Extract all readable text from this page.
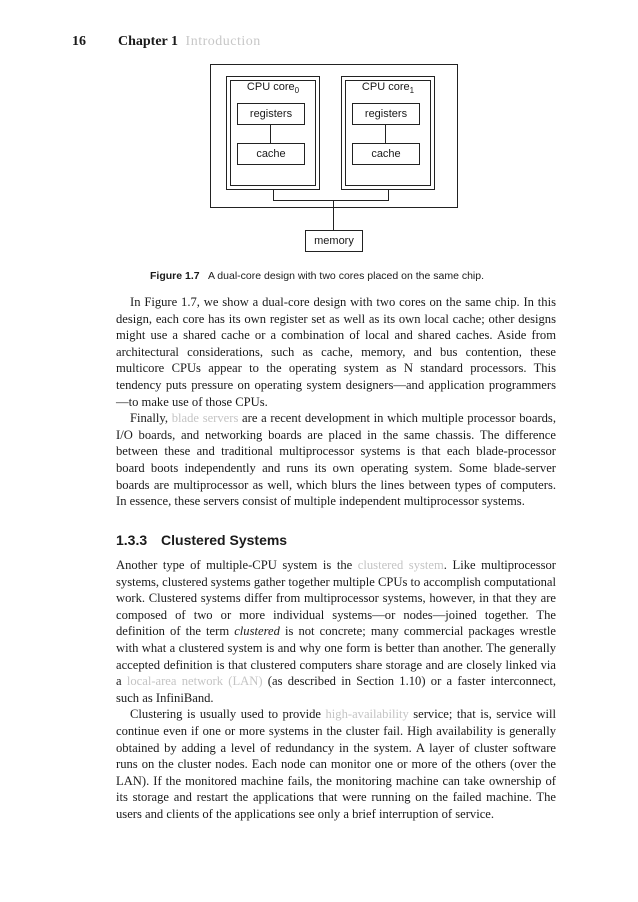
16 Chapter 1 Introduction
CPU core$_0$
registers
cache
CPU core$_1$
registers
cache
memory
Figure 1.7 A dual-core design with two cores placed on the same chip.

In Figure 1.7, we show a dual-core design with two cores on the same chip. In this design, each core has its own register set as well as its own local cache; other designs might use a shared cache or a combination of local and shared caches. Aside from architectural considerations, such as cache, memory, and bus contention, these multicore CPUs appear to the operating system as N standard processors. This tendency puts pressure on operating system designers—and application programmers—to make use of those CPUs.

Finally, blade servers are a recent development in which multiple processor boards, I/O boards, and networking boards are placed in the same chassis. The difference between these and traditional multiprocessor systems is that each blade-processor board boots independently and runs its own operating system. Some blade-server boards are multiprocessor as well, which blurs the lines between types of computers. In essence, these servers consist of multiple independent multiprocessor systems.

1.3.3 Clustered Systems

Another type of multiple-CPU system is the clustered system. Like multiprocessor systems, clustered systems gather together multiple CPUs to accomplish computational work. Clustered systems differ from multiprocessor systems, however, in that they are composed of two or more individual systems—or nodes—joined together. The definition of the term clustered is not concrete; many commercial packages wrestle with what a clustered system is and why one form is better than another. The generally accepted definition is that clustered computers share storage and are closely linked via a local-area network (LAN) (as described in Section 1.10) or a faster interconnect, such as InfiniBand.

Clustering is usually used to provide high-availability service; that is, service will continue even if one or more systems in the cluster fail. High availability is generally obtained by adding a level of redundancy in the system. A layer of cluster software runs on the cluster nodes. Each node can monitor one or more of the others (over the LAN). If the monitored machine fails, the monitoring machine can take ownership of its storage and restart the applications that were running on the failed machine. The users and clients of the applications see only a brief interruption of service.
